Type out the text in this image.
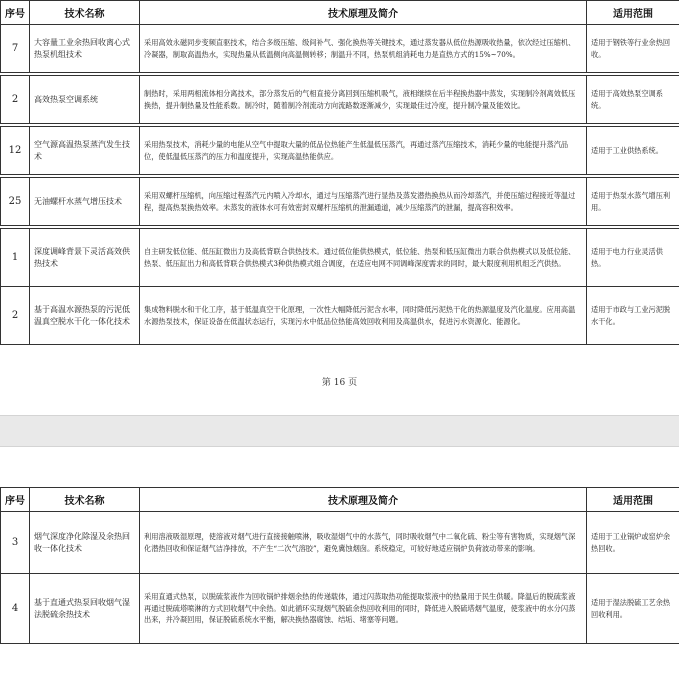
序号	技术名称	技术原理及简介	适用范围
7	大容量工业余热回收离心式热泵机组技术	采用高效永磁同步变频直驱技术，结合多级压缩、级间补气、强化换热等关键技术，通过蒸发器从低位热源吸收热量，依次经过压缩机、冷凝器，制取高温热水，实现热量从低温侧向高温侧转移；制温升不同，热泵机组消耗电力是直热方式的15%~70%。	适用于钢铁等行业余热回收。

2	高效热泵空调系统	制热时，采用两相流体相分离技术，部分蒸发后的气相直接分离回到压缩机吸气，液相继续在后半程换热器中蒸发，实现制冷剂离效低压换热，提升制热量及性能系数。制冷时，随着制冷剂流动方向流路数逐渐减少，实现最佳过冷度，提升制冷量及能效比。	适用于高效热泵空调系统。

12	空气源高温热泵蒸汽发生技术	采用热泵技术，消耗少量的电能从空气中提取大量的低品位热能产生低温低压蒸汽，再通过蒸汽压缩技术，消耗少量的电能提升蒸汽品位，使低温低压蒸汽的压力和温度提升，实现高温热能供应。	适用于工业供热系统。

25	无油螺杆水蒸气增压技术	采用双螺杆压缩机，向压缩过程蒸汽元内喷入冷却水，通过与压缩蒸汽进行显热及蒸发潜热换热从而冷却蒸汽，并使压缩过程接近等温过程，提高热泵换热效率。未蒸发的液体水可有效密封双螺杆压缩机的泄漏通道，减少压缩蒸汽的泄漏，提高容积效率。	适用于热泵水蒸气增压利用。

1	深度调峰背景下灵活高效供热技术	自主研发低位能、低压缸微出力及高低背联合供热技术。通过低位能供热模式，低位能、热泵和低压缸微出力联合供热模式以及低位能、热泵、低压缸出力和高低背联合供热模式3种供热模式组合调度，在适应电网不同调峰深度需求的同时，最大限度利用机组乏汽供热。	适用于电力行业灵活供热。
2	基于高温水源热泵的污泥低温真空脱水干化一体化技术	集成物料脱水和干化工序，基于低温真空干化原理，一次性大幅降低污泥含水率，同时降低污泥热干化的热源温度及汽化温度。应用高温水源热泵技术，保证设备在低温状态运行，实现污水中低品位热能高效回收利用及高温供水，促进污水资源化、能源化。	适用于市政与工业污泥脱水干化。
第 16 页
序号	技术名称	技术原理及简介	适用范围
3	烟气深度净化除湿及余热回收一体化技术	利用溶液吸湿原理，使溶液对烟气进行直接接触喷淋，吸收湿烟气中的水蒸气，同时吸收烟气中二氧化硫、粉尘等有害物质，实现烟气深化潜热回收和保证烟气洁净排放，不产生“二次气溶胶”，避免冀蚀烟囱。系统稳定，可较好地适应锅炉负荷波动带来的影响。	适用于工业锅炉或窑炉余热回收。
4	基于直通式热泵回收烟气湿法脱硫余热技术	采用直通式热泵，以脱硫浆液作为回收锅炉排烟余热的传递载体，通过闪蒸取热功能提取浆液中的热量用于民生供暖。降温后的脱硫浆液再通过脱硫塔喷淋的方式回收烟气中余热。如此循环实现烟气脱硫余热回收利用的同时，降低进入脱硫塔烟气温度，使浆液中的水分闪蒸出来，并冷凝回用，保证脱硫系统水平衡，解决换热器腐蚀、结垢、堵塞等问题。	适用于湿法脱硫工艺余热回收利用。
